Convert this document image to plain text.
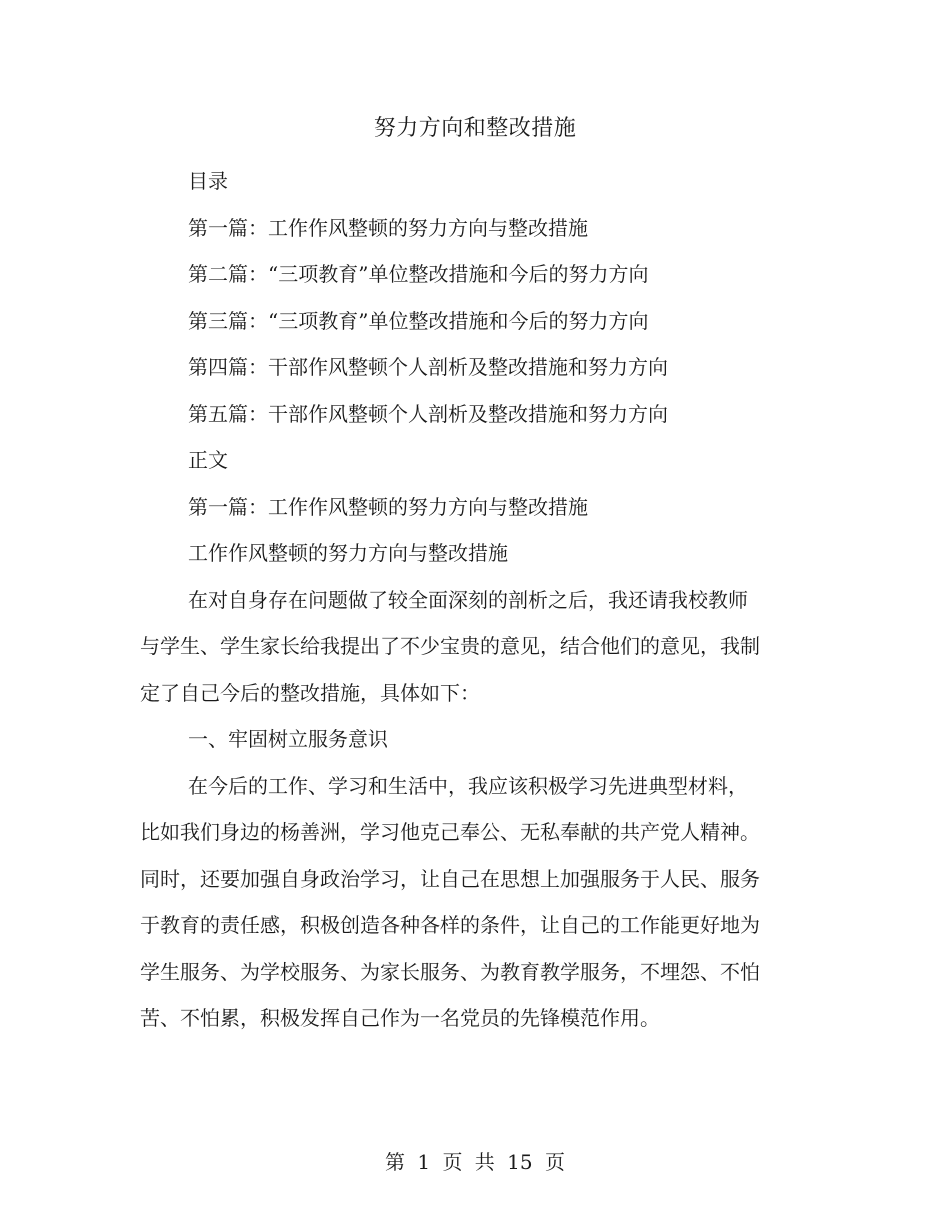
努力方向和整改措施

目录

第一篇：工作作风整顿的努力方向与整改措施

第二篇：“三项教育”单位整改措施和今后的努力方向

第三篇：“三项教育”单位整改措施和今后的努力方向

第四篇：干部作风整顿个人剖析及整改措施和努力方向

第五篇：干部作风整顿个人剖析及整改措施和努力方向

正文

第一篇：工作作风整顿的努力方向与整改措施

工作作风整顿的努力方向与整改措施

在对自身存在问题做了较全面深刻的剖析之后，我还请我校教师与学生、学生家长给我提出了不少宝贵的意见，结合他们的意见，我制定了自己今后的整改措施，具体如下：

一、牢固树立服务意识

在今后的工作、学习和生活中，我应该积极学习先进典型材料，比如我们身边的杨善洲，学习他克己奉公、无私奉献的共产党人精神。同时，还要加强自身政治学习，让自己在思想上加强服务于人民、服务于教育的责任感，积极创造各种各样的条件，让自己的工作能更好地为学生服务、为学校服务、为家长服务、为教育教学服务，不埋怨、不怕苦、不怕累，积极发挥自己作为一名党员的先锋模范作用。

第 1 页 共 15 页
